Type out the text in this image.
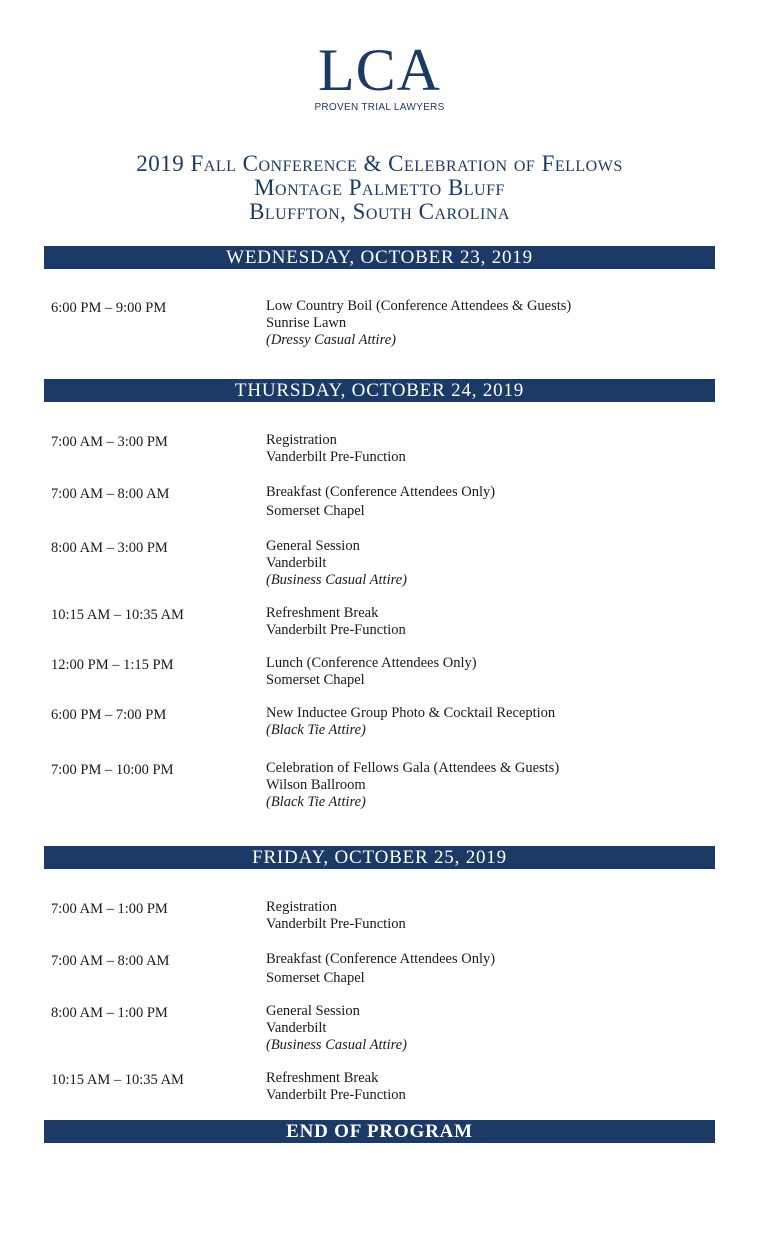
LCA
PROVEN TRIAL LAWYERS
2019 Fall Conference & Celebration of Fellows
Montage Palmetto Bluff
Bluffton, South Carolina
WEDNESDAY, OCTOBER 23, 2019
6:00 PM – 9:00 PM	Low Country Boil (Conference Attendees & Guests)
Sunrise Lawn
(Dressy Casual Attire)
THURSDAY, OCTOBER 24, 2019
7:00 AM – 3:00 PM	Registration
Vanderbilt Pre-Function
7:00 AM – 8:00 AM	Breakfast (Conference Attendees Only)
Somerset Chapel
8:00 AM – 3:00 PM	General Session
Vanderbilt
(Business Casual Attire)
10:15 AM – 10:35 AM	Refreshment Break
Vanderbilt Pre-Function
12:00 PM – 1:15 PM	Lunch (Conference Attendees Only)
Somerset Chapel
6:00 PM – 7:00 PM	New Inductee Group Photo & Cocktail Reception
(Black Tie Attire)
7:00 PM – 10:00 PM	Celebration of Fellows Gala (Attendees & Guests)
Wilson Ballroom
(Black Tie Attire)
FRIDAY, OCTOBER 25, 2019
7:00 AM – 1:00 PM	Registration
Vanderbilt Pre-Function
7:00 AM – 8:00 AM	Breakfast (Conference Attendees Only)
Somerset Chapel
8:00 AM – 1:00 PM	General Session
Vanderbilt
(Business Casual Attire)
10:15 AM – 10:35 AM	Refreshment Break
Vanderbilt Pre-Function
END OF PROGRAM
